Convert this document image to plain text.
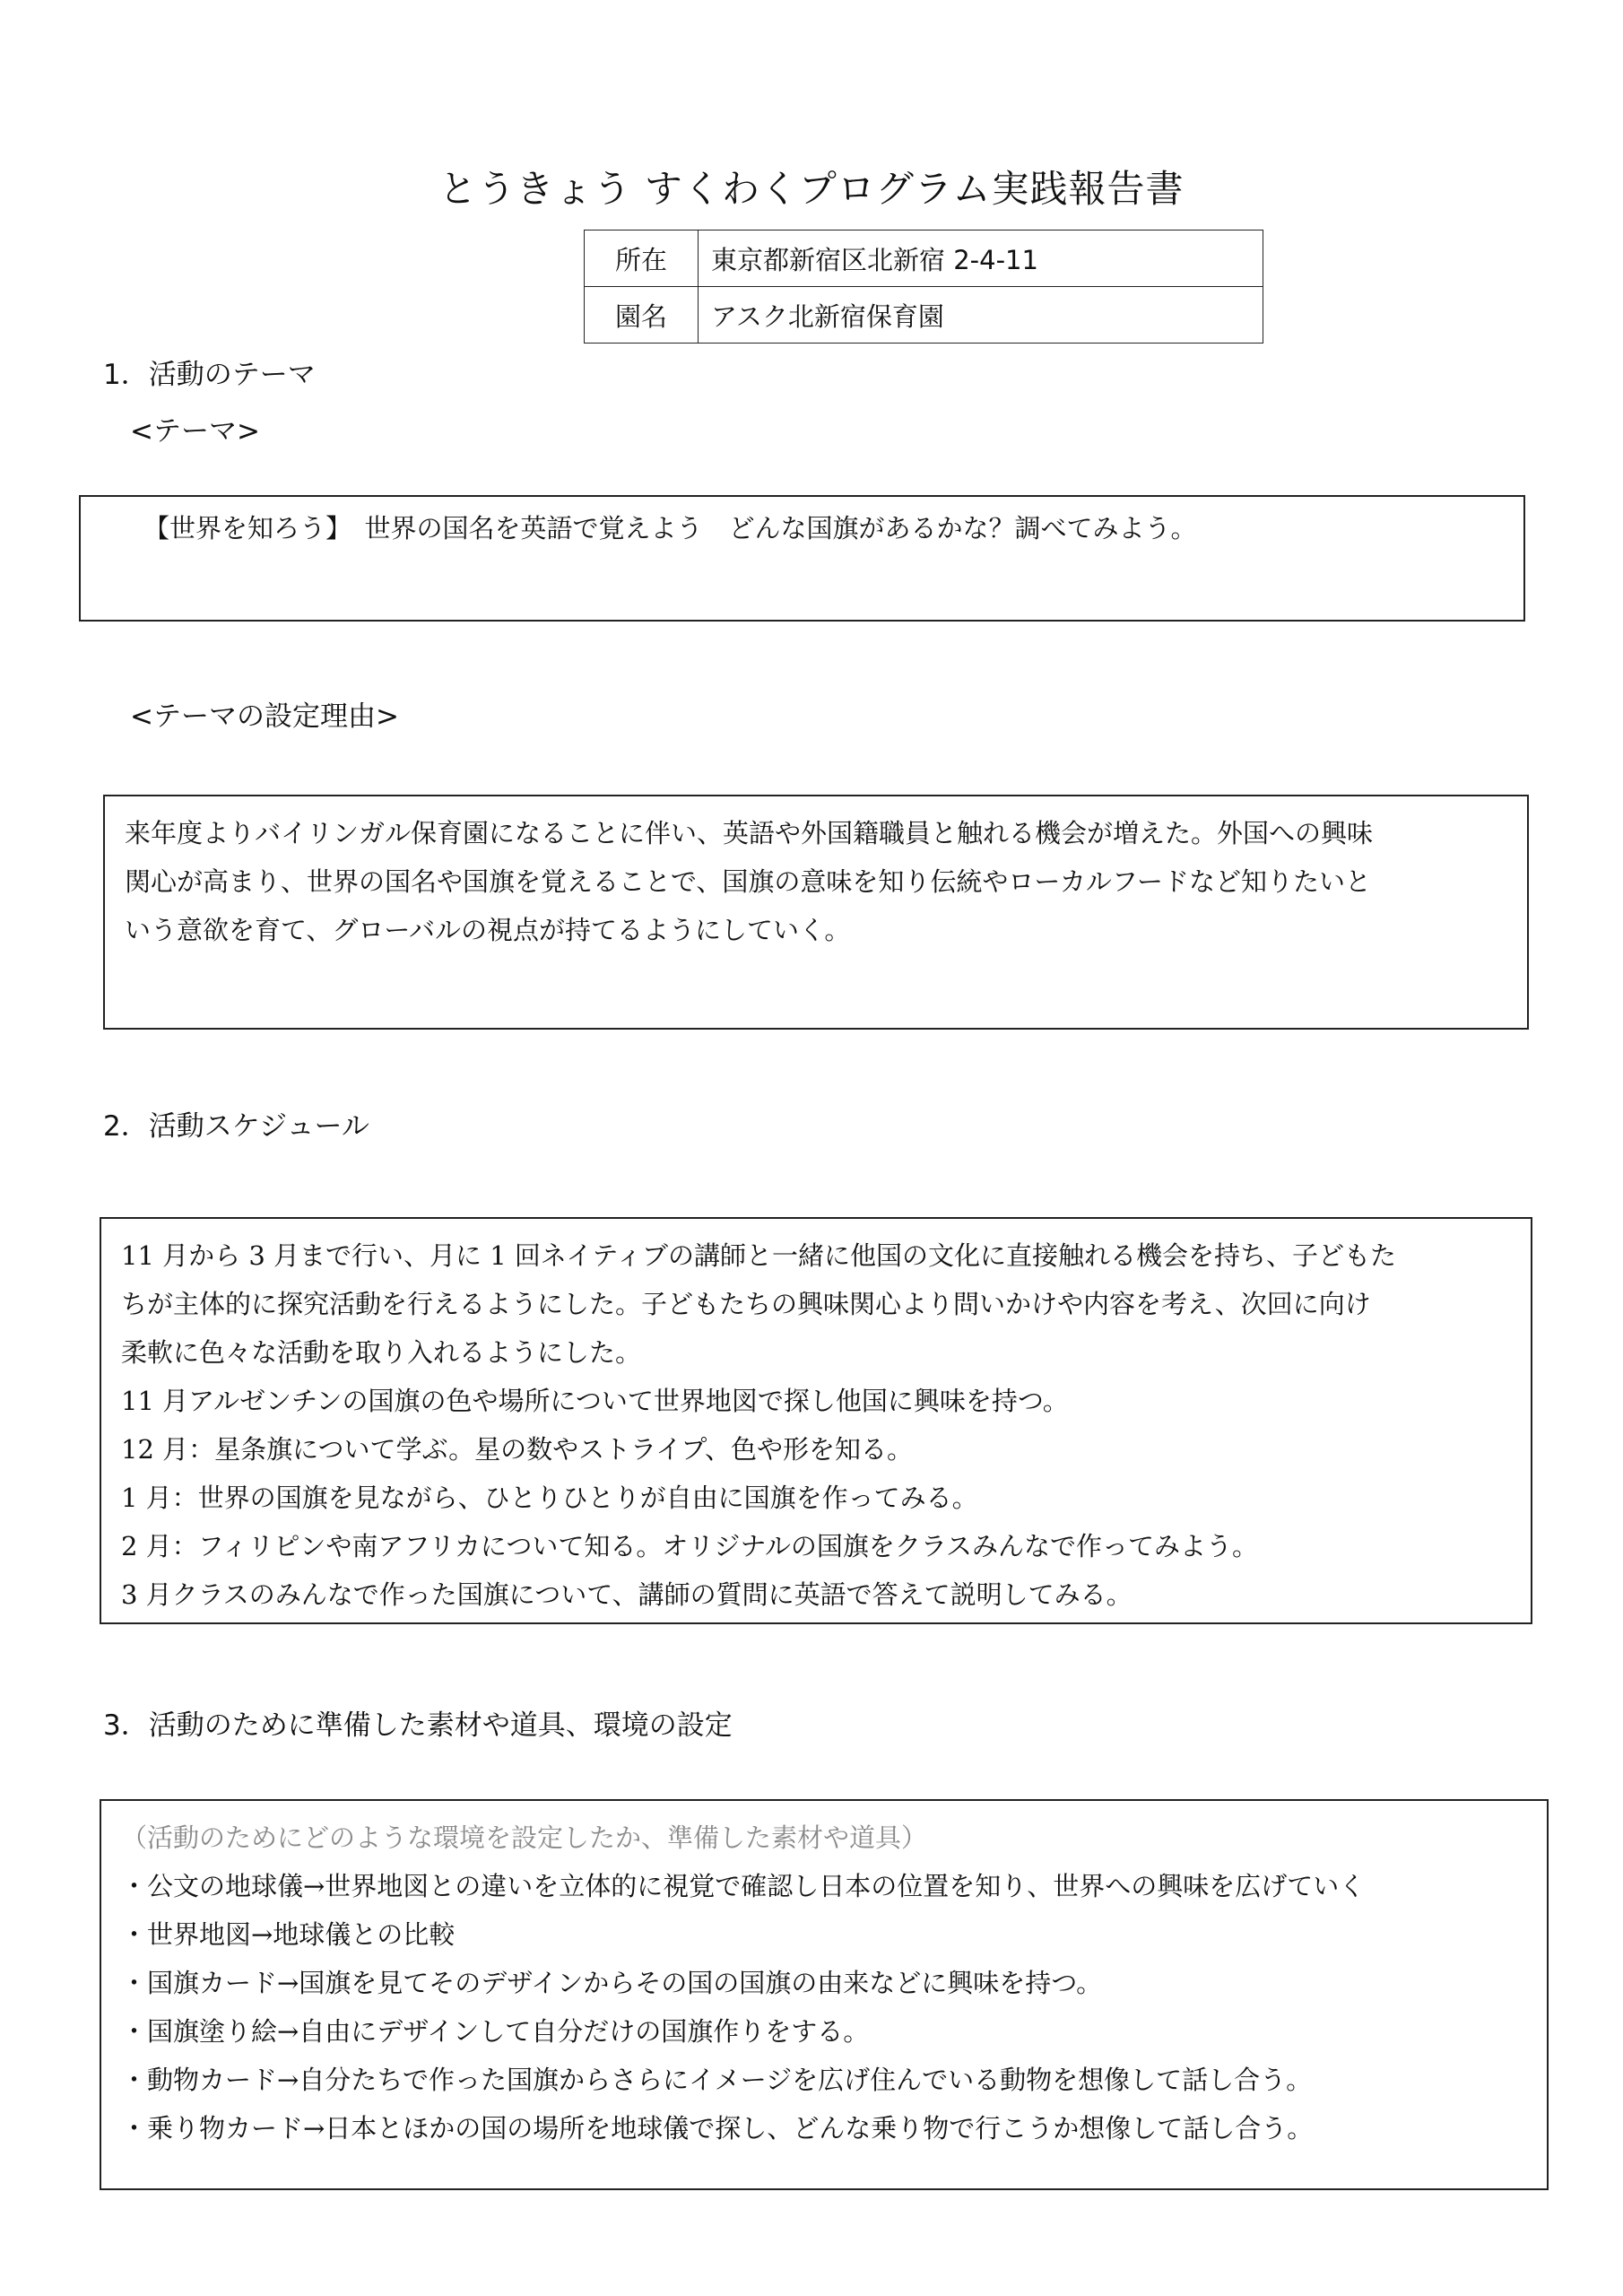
とうきょう すくわくプログラム実践報告書
所在	東京都新宿区北新宿 2-4-11
園名	アスク北新宿保育園
1．活動のテーマ
<テーマ>

【世界を知ろう】　世界の国名を英語で覚えよう　どんな国旗があるかな？調べてみよう。

<テーマの設定理由>

来年度よりバイリンガル保育園になることに伴い、英語や外国籍職員と触れる機会が増えた。外国への興味

関心が高まり、世界の国名や国旗を覚えることで、国旗の意味を知り伝統やローカルフードなど知りたいと

いう意欲を育て、グローバルの視点が持てるようにしていく。

2．活動スケジュール

11 月から 3 月まで行い、月に 1 回ネイティブの講師と一緒に他国の文化に直接触れる機会を持ち、子どもた

ちが主体的に探究活動を行えるようにした。子どもたちの興味関心より問いかけや内容を考え、次回に向け

柔軟に色々な活動を取り入れるようにした。

11 月アルゼンチンの国旗の色や場所について世界地図で探し他国に興味を持つ。

12 月：星条旗について学ぶ。星の数やストライプ、色や形を知る。

1 月：世界の国旗を見ながら、ひとりひとりが自由に国旗を作ってみる。

2 月：フィリピンや南アフリカについて知る。オリジナルの国旗をクラスみんなで作ってみよう。

3 月クラスのみんなで作った国旗について、講師の質問に英語で答えて説明してみる。

3．活動のために準備した素材や道具、環境の設定

（活動のためにどのような環境を設定したか、準備した素材や道具）

・公文の地球儀→世界地図との違いを立体的に視覚で確認し日本の位置を知り、世界への興味を広げていく

・世界地図→地球儀との比較

・国旗カード→国旗を見てそのデザインからその国の国旗の由来などに興味を持つ。

・国旗塗り絵→自由にデザインして自分だけの国旗作りをする。

・動物カード→自分たちで作った国旗からさらにイメージを広げ住んでいる動物を想像して話し合う。

・乗り物カード→日本とほかの国の場所を地球儀で探し、どんな乗り物で行こうか想像して話し合う。
